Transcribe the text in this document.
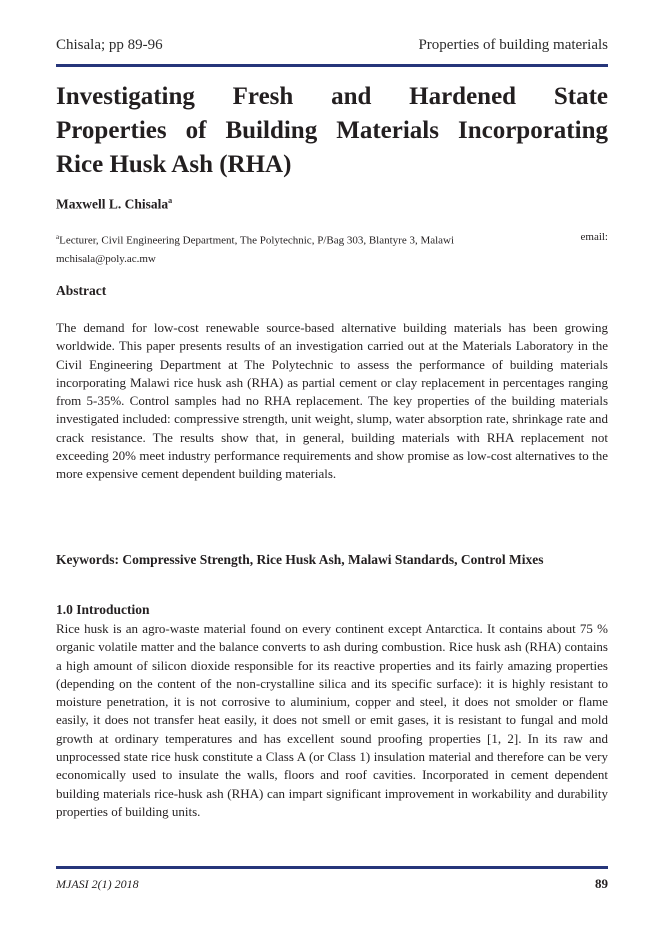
Chisala; pp 89-96	Properties of building materials
Investigating Fresh and Hardened State
Properties of Building Materials Incorporating
Rice Husk Ash (RHA)
Maxwell L. Chisala$^a$
$^a$Lecturer, Civil Engineering Department, The Polytechnic, P/Bag 303, Blantyre 3, Malawi	email:
mchisala@poly.ac.mw
Abstract

The demand for low-cost renewable source-based alternative building materials has been growing worldwide. This paper presents results of an investigation carried out at the Materials Laboratory in the Civil Engineering Department at The Polytechnic to assess the performance of building materials incorporating Malawi rice husk ash (RHA) as partial cement or clay replacement in percentages ranging from 5-35%. Control samples had no RHA replacement. The key properties of the building materials investigated included: compressive strength, unit weight, slump, water absorption rate, shrinkage rate and crack resistance. The results show that, in general, building materials with RHA replacement not exceeding 20% meet industry performance requirements and show promise as low-cost alternatives to the more expensive cement dependent building materials.

Keywords: Compressive Strength, Rice Husk Ash, Malawi Standards, Control Mixes

1.0 Introduction

Rice husk is an agro-waste material found on every continent except Antarctica. It contains about 75 % organic volatile matter and the balance converts to ash during combustion. Rice husk ash (RHA) contains a high amount of silicon dioxide responsible for its reactive properties and its fairly amazing properties (depending on the content of the non-crystalline silica and its specific surface): it is highly resistant to moisture penetration, it is not corrosive to aluminium, copper and steel, it does not smolder or flame easily, it does not transfer heat easily, it does not smell or emit gases, it is resistant to fungal and mold growth at ordinary temperatures and has excellent sound proofing properties [1, 2]. In its raw and unprocessed state rice husk constitute a Class A (or Class 1) insulation material and therefore can be very economically used to insulate the walls, floors and roof cavities. Incorporated in cement dependent building materials rice-husk ash (RHA) can impart significant improvement in workability and durability properties of building units.

MJASI 2(1) 2018	89
